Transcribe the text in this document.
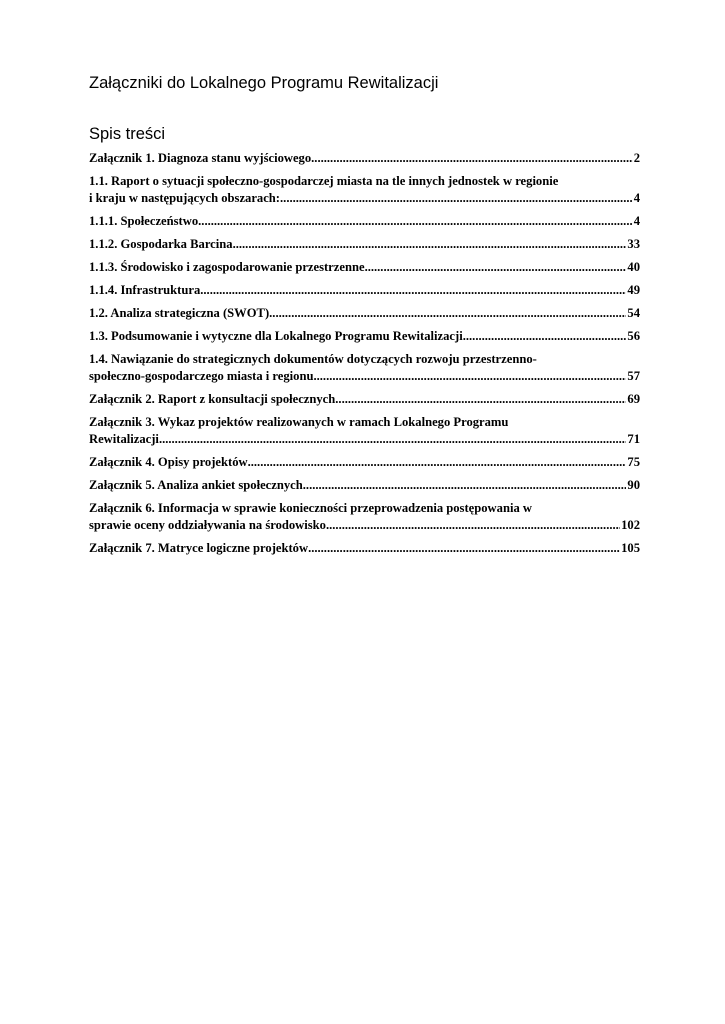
Załączniki do Lokalnego Programu Rewitalizacji
Spis treści
Załącznik 1. Diagnoza stanu wyjściowego .....	2
1.1. Raport o sytuacji społeczno-gospodarczej miasta na tle innych jednostek w regionie
i kraju w następujących obszarach: .....	4
1.1.1. Społeczeństwo .....	4
1.1.2. Gospodarka Barcina .....	33
1.1.3. Środowisko i zagospodarowanie przestrzenne .....	40
1.1.4. Infrastruktura .....	49
1.2. Analiza strategiczna (SWOT) .....	54
1.3. Podsumowanie i wytyczne dla Lokalnego Programu Rewitalizacji .....	56
1.4. Nawiązanie do strategicznych dokumentów dotyczących rozwoju przestrzenno-
społeczno-gospodarczego miasta i regionu. .....	57
Załącznik 2. Raport z konsultacji społecznych .....	69
Załącznik 3. Wykaz projektów realizowanych w ramach Lokalnego Programu
Rewitalizacji .....	71
Załącznik 4. Opisy projektów .....	75
Załącznik 5. Analiza ankiet społecznych .....	90
Załącznik 6. Informacja w sprawie konieczności przeprowadzenia postępowania w
sprawie oceny oddziaływania na środowisko .....	102
Załącznik 7. Matryce logiczne projektów .....	105
